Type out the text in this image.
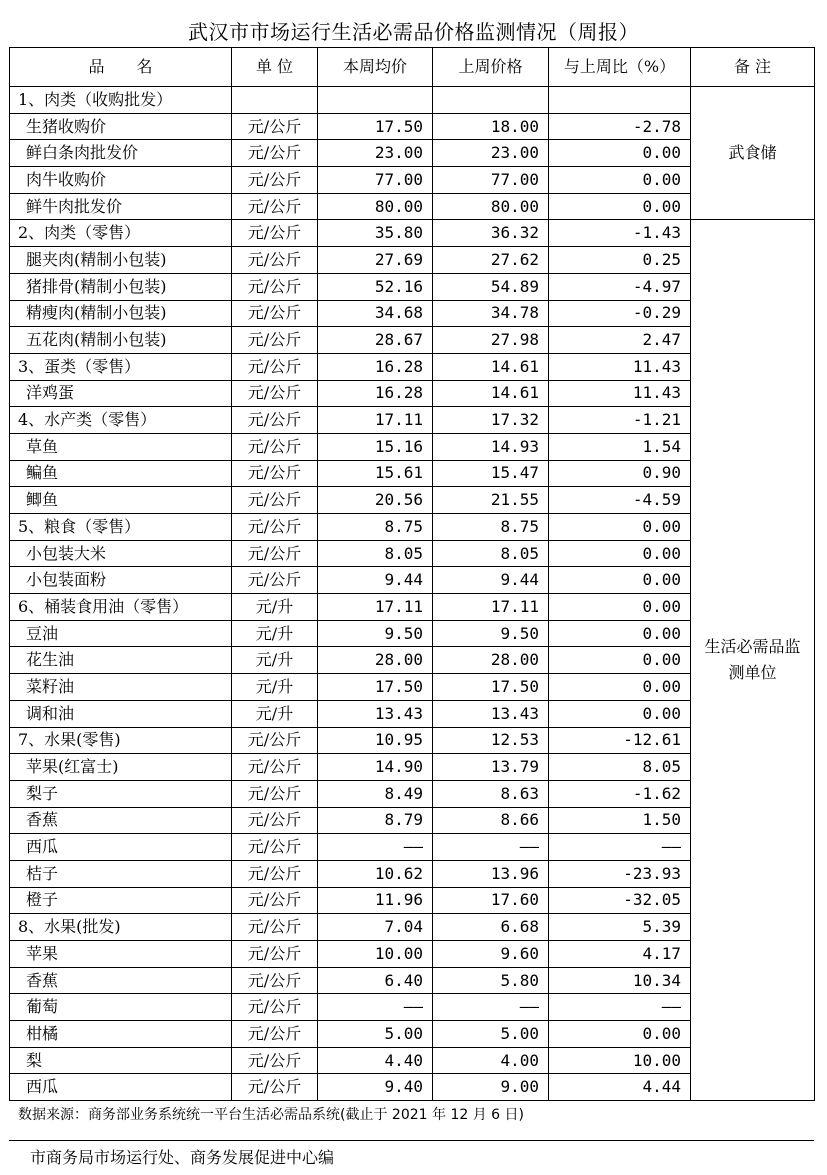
武汉市市场运行生活必需品价格监测情况（周报）
品　　名	单 位	本周均价	上周价格	与上周比（%）	备 注
1、肉类（收购批发）					武食储
生猪收购价	元/公斤	17.50	18.00	-2.78	
鲜白条肉批发价	元/公斤	23.00	23.00	0.00	
肉牛收购价	元/公斤	77.00	77.00	0.00	
鲜牛肉批发价	元/公斤	80.00	80.00	0.00	
2、肉类（零售）	元/公斤	35.80	36.32	-1.43	生活必需品监测单位
腿夹肉(精制小包装)	元/公斤	27.69	27.62	0.25	
猪排骨(精制小包装)	元/公斤	52.16	54.89	-4.97	
精瘦肉(精制小包装)	元/公斤	34.68	34.78	-0.29	
五花肉(精制小包装)	元/公斤	28.67	27.98	2.47	
3、蛋类（零售）	元/公斤	16.28	14.61	11.43	
洋鸡蛋	元/公斤	16.28	14.61	11.43	
4、水产类（零售）	元/公斤	17.11	17.32	-1.21	
草鱼	元/公斤	15.16	14.93	1.54	
鳊鱼	元/公斤	15.61	15.47	0.90	
鲫鱼	元/公斤	20.56	21.55	-4.59	
5、粮食（零售）	元/公斤	8.75	8.75	0.00	
小包装大米	元/公斤	8.05	8.05	0.00	
小包装面粉	元/公斤	9.44	9.44	0.00	
6、桶装食用油（零售）	元/升	17.11	17.11	0.00	
豆油	元/升	9.50	9.50	0.00	
花生油	元/升	28.00	28.00	0.00	
菜籽油	元/升	17.50	17.50	0.00	
调和油	元/升	13.43	13.43	0.00	
7、水果(零售)	元/公斤	10.95	12.53	-12.61	
苹果(红富士)	元/公斤	14.90	13.79	8.05	
梨子	元/公斤	8.49	8.63	-1.62	
香蕉	元/公斤	8.79	8.66	1.50	
西瓜	元/公斤	——	——	——	
桔子	元/公斤	10.62	13.96	-23.93	
橙子	元/公斤	11.96	17.60	-32.05	
8、水果(批发)	元/公斤	7.04	6.68	5.39	
苹果	元/公斤	10.00	9.60	4.17	
香蕉	元/公斤	6.40	5.80	10.34	
葡萄	元/公斤	——	——	——	
柑橘	元/公斤	5.00	5.00	0.00	
梨	元/公斤	4.40	4.00	10.00	
西瓜	元/公斤	9.40	9.00	4.44	
数据来源：商务部业务系统统一平台生活必需品系统(截止于 2021 年 12 月 6 日)
市商务局市场运行处、商务发展促进中心编
